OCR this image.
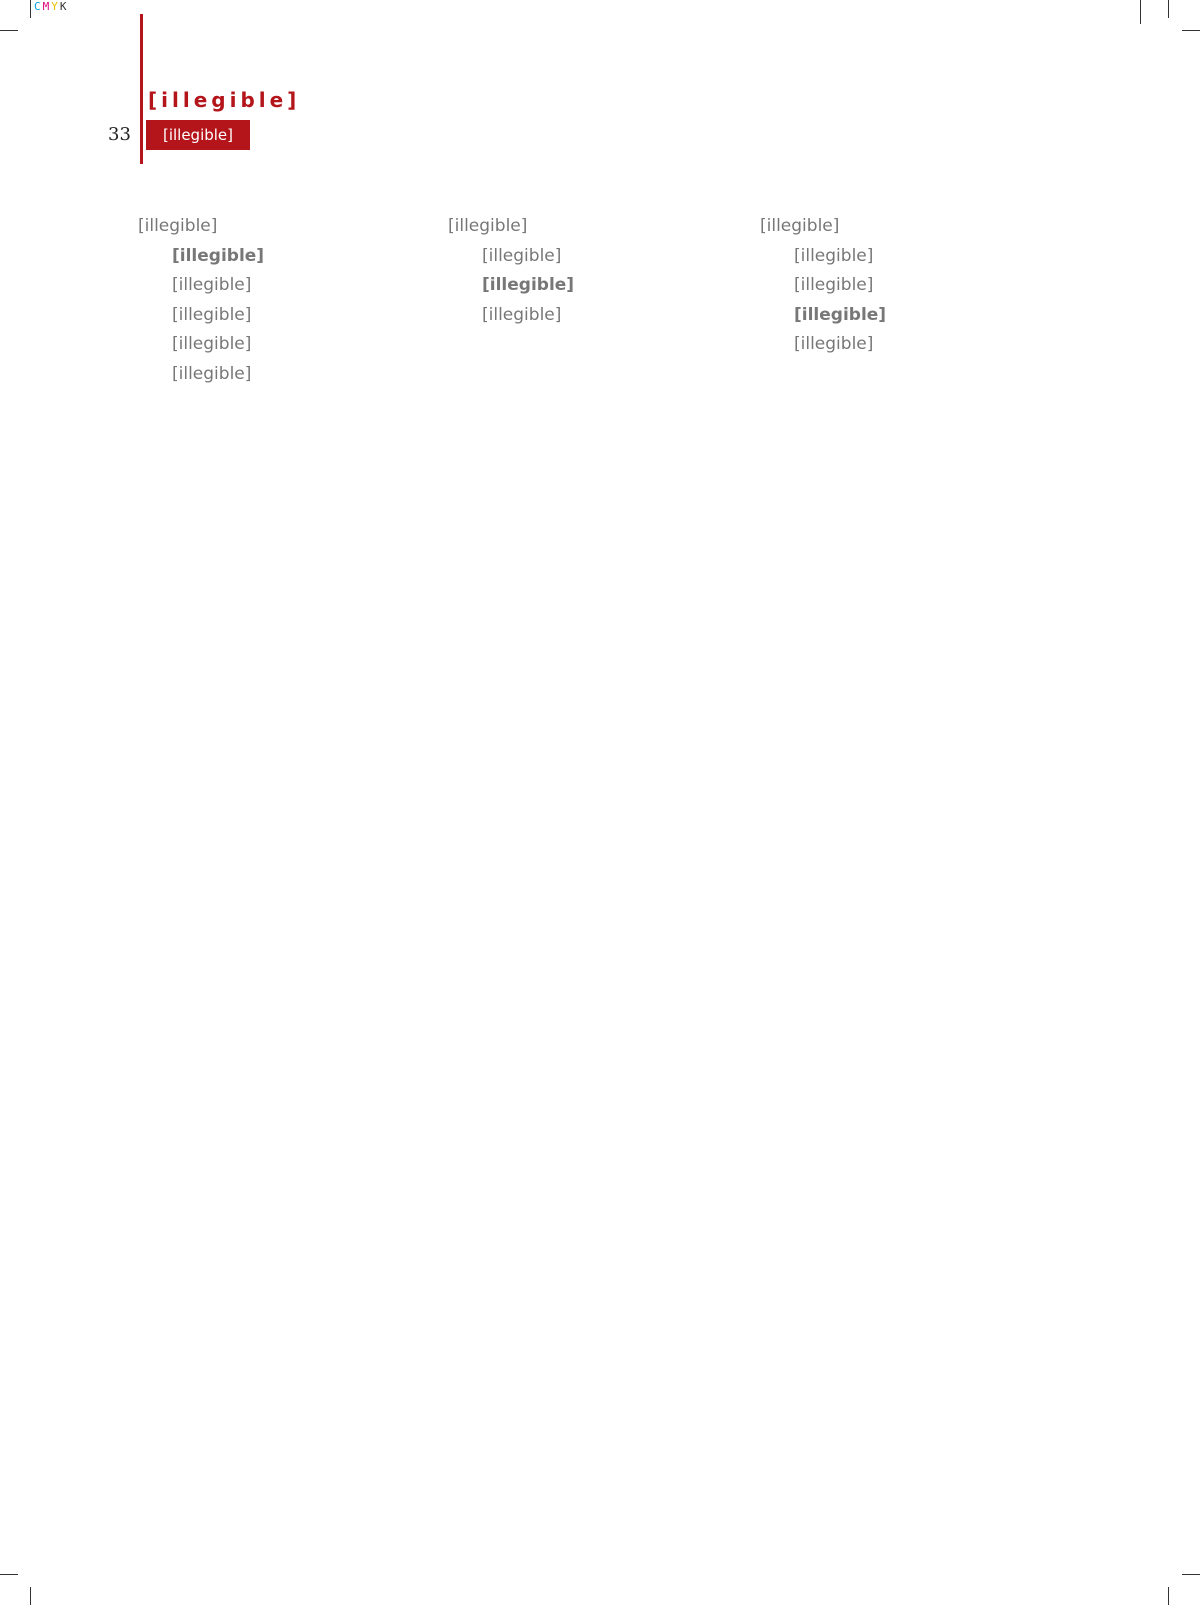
CMYK
[illegible]
33	[illegible]

[illegible]

[illegible]

[illegible]

[illegible]

[illegible]

[illegible]

[illegible]

[illegible]

[illegible]

[illegible]

[illegible]

[illegible]

[illegible]

[illegible]

[illegible]
